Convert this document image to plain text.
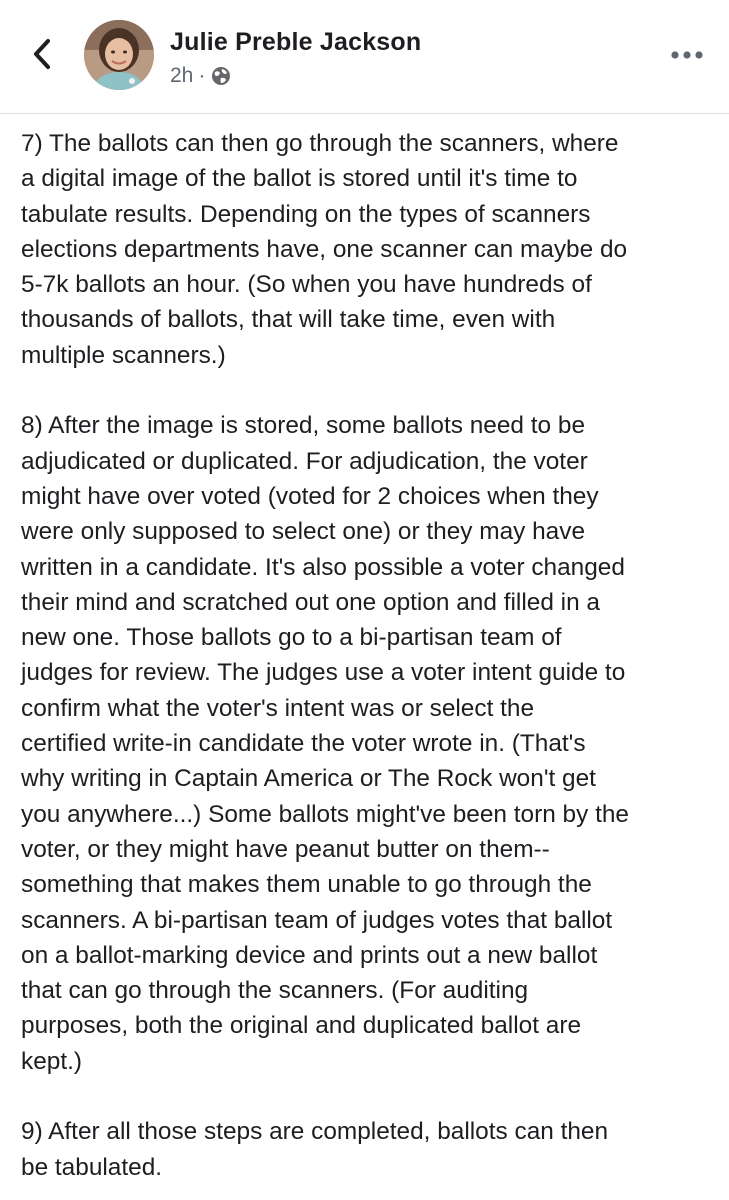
Julie Preble Jackson
2h ·

7) The ballots can then go through the scanners, where
a digital image of the ballot is stored until it's time to
tabulate results. Depending on the types of scanners
elections departments have, one scanner can maybe do
5-7k ballots an hour. (So when you have hundreds of
thousands of ballots, that will take time, even with
multiple scanners.)

8) After the image is stored, some ballots need to be
adjudicated or duplicated. For adjudication, the voter
might have over voted (voted for 2 choices when they
were only supposed to select one) or they may have
written in a candidate. It's also possible a voter changed
their mind and scratched out one option and filled in a
new one. Those ballots go to a bi-partisan team of
judges for review. The judges use a voter intent guide to
confirm what the voter's intent was or select the
certified write-in candidate the voter wrote in. (That's
why writing in Captain America or The Rock won't get
you anywhere...) Some ballots might've been torn by the
voter, or they might have peanut butter on them--
something that makes them unable to go through the
scanners. A bi-partisan team of judges votes that ballot
on a ballot-marking device and prints out a new ballot
that can go through the scanners. (For auditing
purposes, both the original and duplicated ballot are
kept.)

9) After all those steps are completed, ballots can then
be tabulated.
